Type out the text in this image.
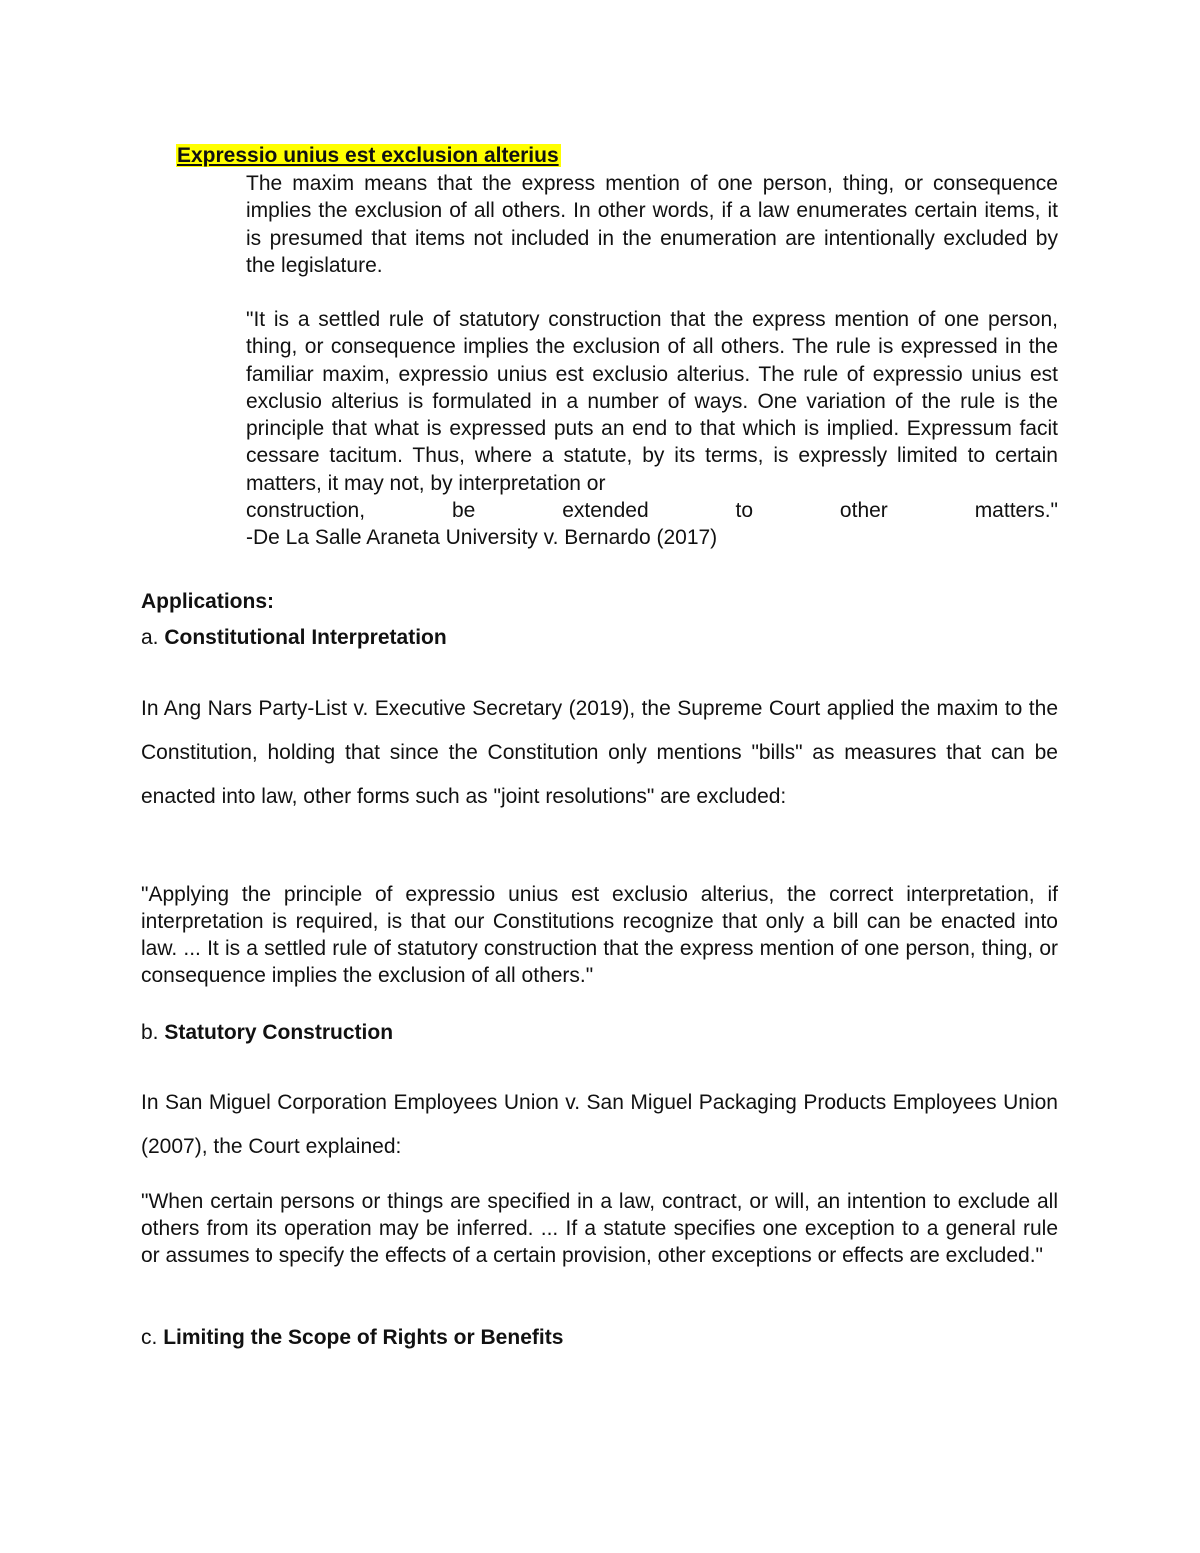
Expressio unius est exclusion alterius

The maxim means that the express mention of one person, thing, or consequence implies the exclusion of all others. In other words, if a law enumerates certain items, it is presumed that items not included in the enumeration are intentionally excluded by the legislature.

"It is a settled rule of statutory construction that the express mention of one person, thing, or consequence implies the exclusion of all others. The rule is expressed in the familiar maxim, expressio unius est exclusio alterius. The rule of expressio unius est exclusio alterius is formulated in a number of ways. One variation of the rule is the principle that what is expressed puts an end to that which is implied. Expressum facit cessare tacitum. Thus, where a statute, by its terms, is expressly limited to certain matters, it may not, by interpretation or
construction, be extended to other matters."
-De La Salle Araneta University v. Bernardo (2017)

Applications:

a. Constitutional Interpretation

In Ang Nars Party-List v. Executive Secretary (2019), the Supreme Court applied the maxim to the Constitution, holding that since the Constitution only mentions "bills" as measures that can be enacted into law, other forms such as "joint resolutions" are excluded:

"Applying the principle of expressio unius est exclusio alterius, the correct interpretation, if interpretation is required, is that our Constitutions recognize that only a bill can be enacted into law. ... It is a settled rule of statutory construction that the express mention of one person, thing, or consequence implies the exclusion of all others."

b. Statutory Construction

In San Miguel Corporation Employees Union v. San Miguel Packaging Products Employees Union (2007), the Court explained:

"When certain persons or things are specified in a law, contract, or will, an intention to exclude all others from its operation may be inferred. ... If a statute specifies one exception to a general rule or assumes to specify the effects of a certain provision, other exceptions or effects are excluded."

c. Limiting the Scope of Rights or Benefits
